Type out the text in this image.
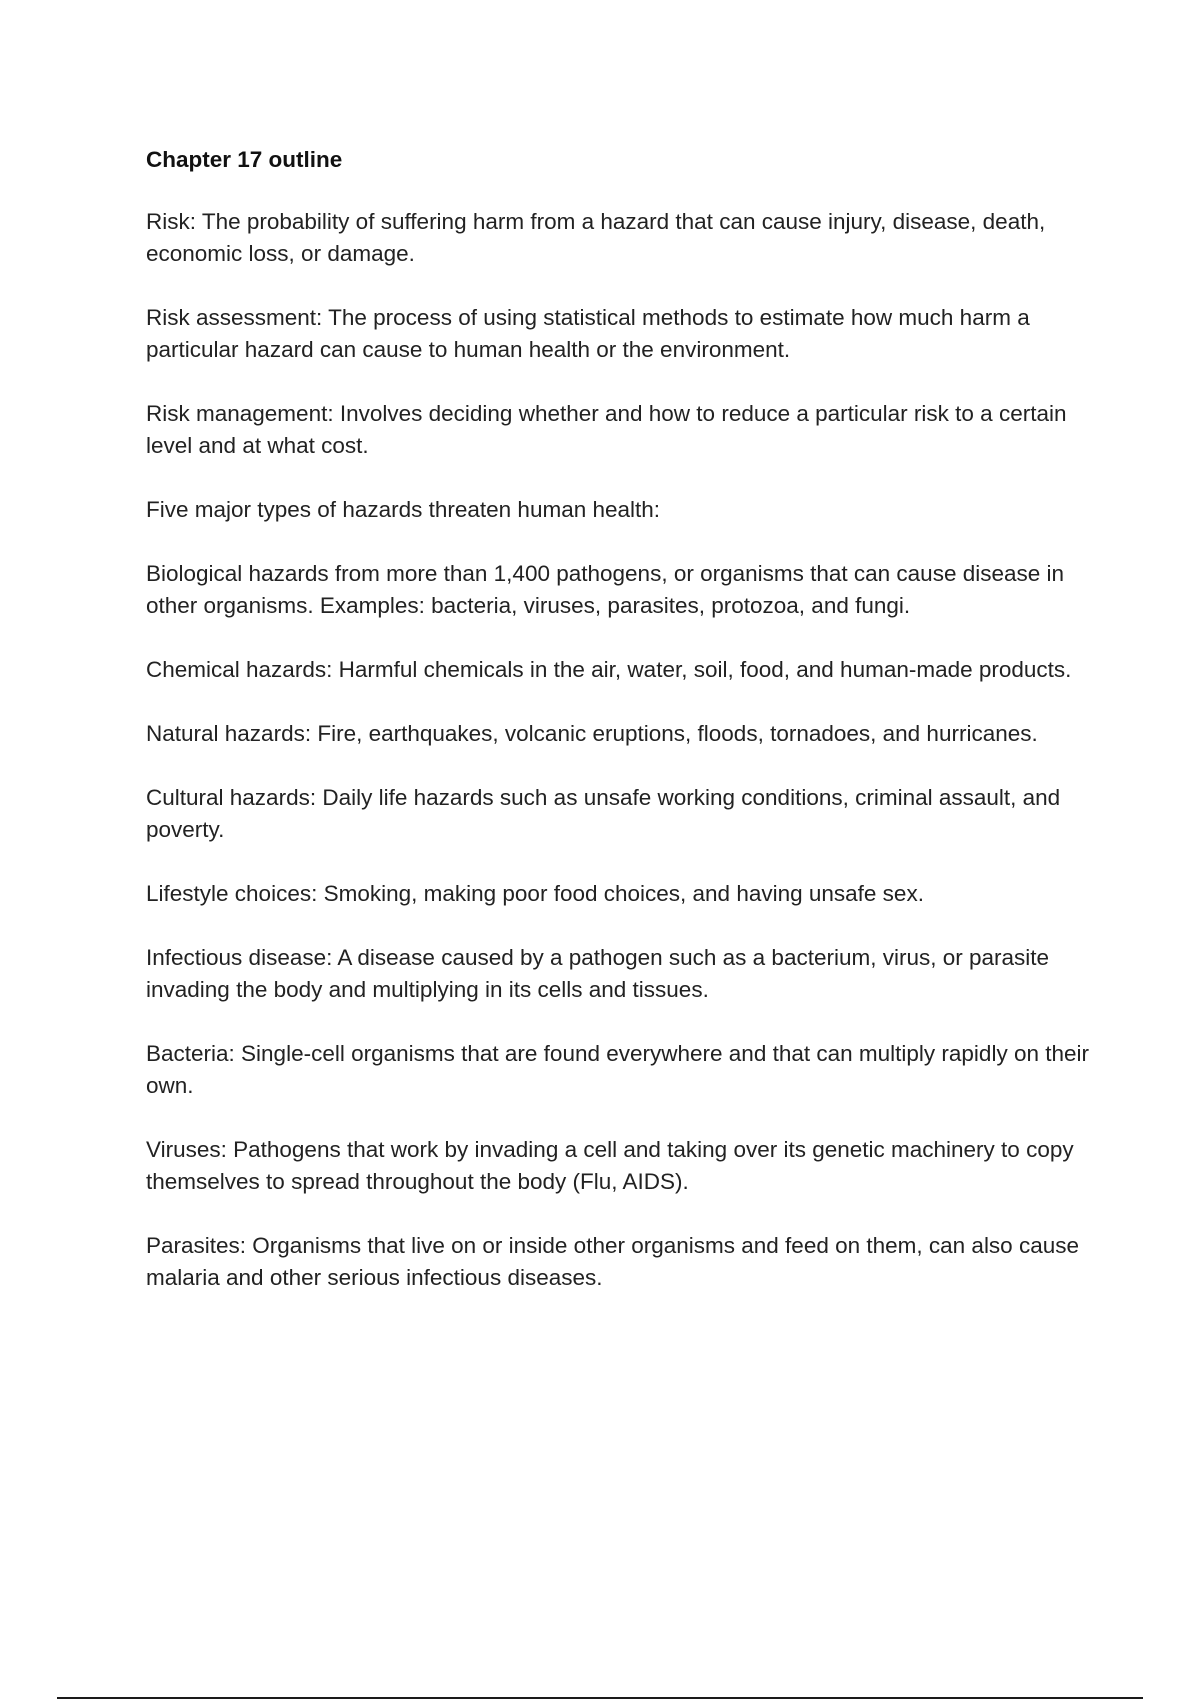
Chapter 17 outline

Risk: The probability of suffering harm from a hazard that can cause injury, disease, death, economic loss, or damage.

Risk assessment: The process of using statistical methods to estimate how much harm a particular hazard can cause to human health or the environment.

Risk management: Involves deciding whether and how to reduce a particular risk to a certain level and at what cost.

Five major types of hazards threaten human health:

Biological hazards from more than 1,400 pathogens, or organisms that can cause disease in other organisms. Examples: bacteria, viruses, parasites, protozoa, and fungi.

Chemical hazards: Harmful chemicals in the air, water, soil, food, and human-made products.

Natural hazards: Fire, earthquakes, volcanic eruptions, floods, tornadoes, and hurricanes.

Cultural hazards: Daily life hazards such as unsafe working conditions, criminal assault, and poverty.

Lifestyle choices: Smoking, making poor food choices, and having unsafe sex.

Infectious disease: A disease caused by a pathogen such as a bacterium, virus, or parasite invading the body and multiplying in its cells and tissues.

Bacteria: Single-cell organisms that are found everywhere and that can multiply rapidly on their own.

Viruses: Pathogens that work by invading a cell and taking over its genetic machinery to copy themselves to spread throughout the body (Flu, AIDS).

Parasites: Organisms that live on or inside other organisms and feed on them, can also cause malaria and other serious infectious diseases.
